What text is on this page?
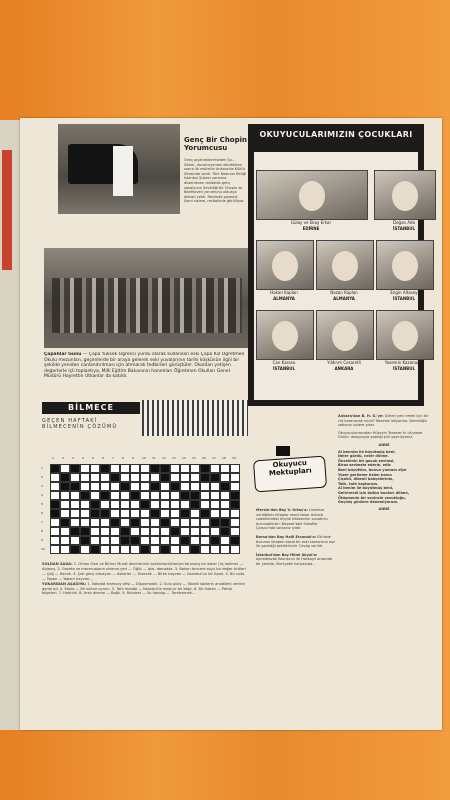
Genç Bir Chopin
Yorumcusu
Genç piyanistlerimizden Şu… Sözler, Avusturya'dan döndükten sonra ilk resitalini Ankara'da Kültür Sitesinde verdi. Türk Kadınlar Birliği İstanbul Şubesi yararına düzenlenen resitalde genç sanatçının Sevildiği bir Chopin ve Beethoven yorumunu oldukça dikkati çekti. Resimde piyanist Sami sizlere, resitalinde görülüyor.
Çapahlar Günü — Çapa Yüksek Öğrenci yurdu olarak kullanılan eski Çapa Kız Öğretmen Okulu mezunları, geçenlerde bir araya gelerek eski yuvalarının tarihi köşkünün ilgili bir şekilde yeniden canlandırılması için ahmarak tedbirleri görüştüler. Okuldan yetişen değerlerle içli toplantıya, Milli Eğitim Bakanının hanımları Öğretmen Okulları Genel Müdürü Hayrettin Utkanlar da katıldı.
OKUYUCULARIMIZIN ÇOCUKLARI
Gülay ve Ekay Erkar
EDİRNE
Doğan Ada
İSTANBUL
Hakan Kaplan
ALMANYA
Nazan Kaplan
ALMANYA
Engin Altasoy
İSTANBUL
Can Karasu
İSTANBUL
Yıldırım Cesaretli
ANKARA
Yasemin Kazanoğlu
İSTANBUL
BİLMECE
GEÇEN HAFTAKİ
BİLMECENİN ÇÖZÜMÜ
1	2	3	4	5	6	7	8	9	10 11 12 13 14 15 16 17 18 19
1
2
3
4
5
6
7
8
9
10
SOLDAN SAĞA: 1. Orhan Gazi ve Birinci Murat devirlerinin kahramanlıklarıyla tanınmış bir asker (üç kelime) — Aldanış. 2. Gazete ve mecmuaların sinema yeri — Öğüt — Işte- damakta. 3. Bakarı tencere soyu bir değer tiritleri — Çağ — Hanlık. 4. Çok genç olmayan — Askerler — Yüzecek — Birek hayvan — İstanbul'un bir ilçesi. 5. Bir nota — Topan — Yabani hayvan...
YUKARIDAN AŞAĞIYA: 1. İstibdat tramvay ofisi — Dişanmadık. 2. Sulu pilav — Tokatlı sözlerin anadilimi verilen genel ad. 4. Fasıla — Bir sahne oyunu. 5. Tatlı madde — İstanbul'la meşhur bir köşk. 6. Bir itaben — Petrol bilgeleri. 7. Haktılık. 8. Arsh dinene — Bağlı. 9. Rutubet — Su handışı — Terslenmek...
Okuyucu
Mektupları
Mersin'den Bay V. Ortaç'a: Lisemize verdiğimiz kitaplar resmi takar Ankara caddesindeki büyük kitabeviler sanatının bulunabilirsin. Beyazıt'taki Sahaflar Çarşısı'nda sorsanız iyidir.
Bursa'dan Bay Halil Ercanok'a: Elinizde bulunan kitaben basla bir eski zamanının aşıl ile yazıldığı şekillerindir. Cevap verildi.
İstanbul'dan Bay Hilmi Akyol'a: Aynalıkavak Kasrısının ile Haskaylı arasında bir yerede, Ilkmiyetin karşısında…
Ankara'dan B. H. G.'ye: Şiirleri yeni emek için bir cilt kazanacak mıdır? Kesmek istiyordur. Denetliğin zatlarını sizlere çıkar.
Okuyucularımızdan Hüseyin Tenever'in «Anneler Günü» dolayısıyla yazdığı şiiri yayınlıyoruz.
ANNE
Al bennim ile büyütmüş beni.
Neler gördü, neler dilime.
Öncekinin bir gocuk sevimsi,
Biraz serbeste ederle, edir.
Beni büyüttün, bunun yumum diye
Yüzer gerileme halen hanın
Çiçekli, dikenli bahçelerinin,
Tatlı, tatlı koşturum.
Al benim ile büyütmüş beni,
Gelirirerdi için bütün bunları dilime,
Ötüşmenin bir sevincle çocukluğu,
Geçmiş günlere dönemiyorum.
ANNE
